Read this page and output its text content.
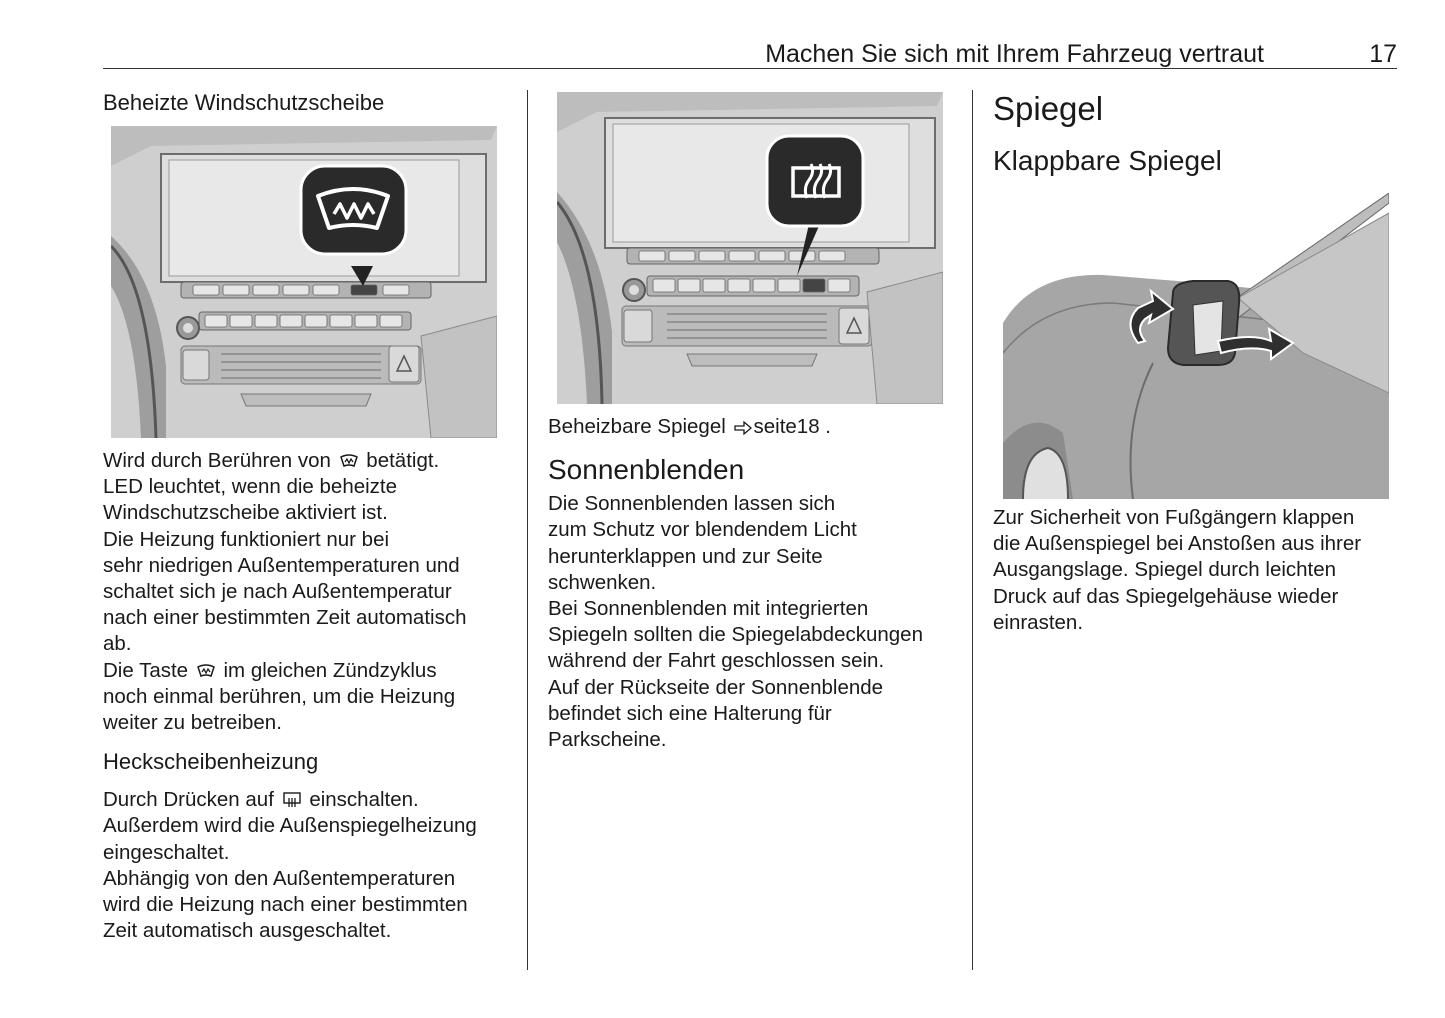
Machen Sie sich mit Ihrem Fahrzeug vertraut	17
Beheizte Windschutzscheibe
Wird durch Berühren von betätigt.
LED leuchtet, wenn die beheizte
Windschutzscheibe aktiviert ist.
Die Heizung funktioniert nur bei
sehr niedrigen Außentemperaturen und
schaltet sich je nach Außentemperatur
nach einer bestimmten Zeit automatisch
ab.
Die Taste im gleichen Zündzyklus
noch einmal berühren, um die Heizung
weiter zu betreiben.
Heckscheibenheizung
Durch Drücken auf einschalten.
Außerdem wird die Außenspiegelheizung
eingeschaltet.
Abhängig von den Außentemperaturen
wird die Heizung nach einer bestimmten
Zeit automatisch ausgeschaltet.
Beheizbare Spiegel seite18 .
Sonnenblenden
Die Sonnenblenden lassen sich
zum Schutz vor blendendem Licht
herunterklappen und zur Seite
schwenken.
Bei Sonnenblenden mit integrierten
Spiegeln sollten die Spiegelabdeckungen
während der Fahrt geschlossen sein.
Auf der Rückseite der Sonnenblende
befindet sich eine Halterung für
Parkscheine.
Spiegel
Klappbare Spiegel
Zur Sicherheit von Fußgängern klappen
die Außenspiegel bei Anstoßen aus ihrer
Ausgangslage. Spiegel durch leichten
Druck auf das Spiegelgehäuse wieder
einrasten.
